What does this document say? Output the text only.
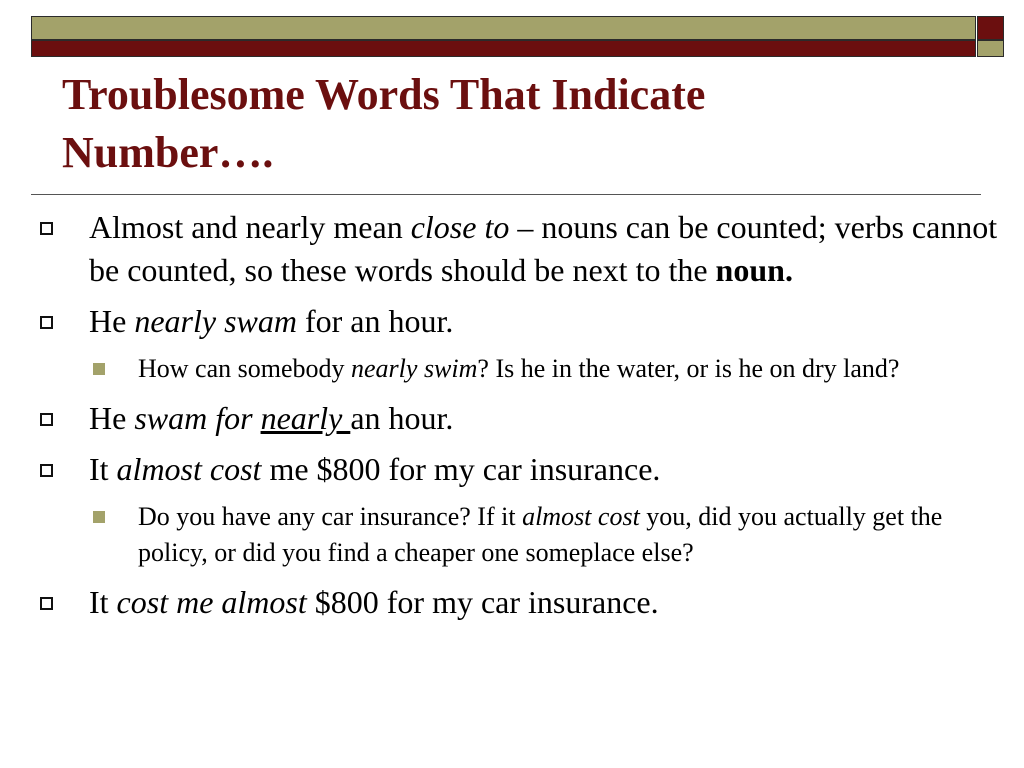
Troublesome Words That Indicate
Number….
Almost and nearly mean close to – nouns can be counted; verbs cannot be counted, so these words should be next to the noun.
He nearly swam for an hour.
How can somebody nearly swim? Is he in the water, or is he on dry land?
He swam for nearly an hour.
It almost cost me $800 for my car insurance.
Do you have any car insurance? If it almost cost you, did you actually get the policy, or did you find a cheaper one someplace else?
It cost me almost $800 for my car insurance.
